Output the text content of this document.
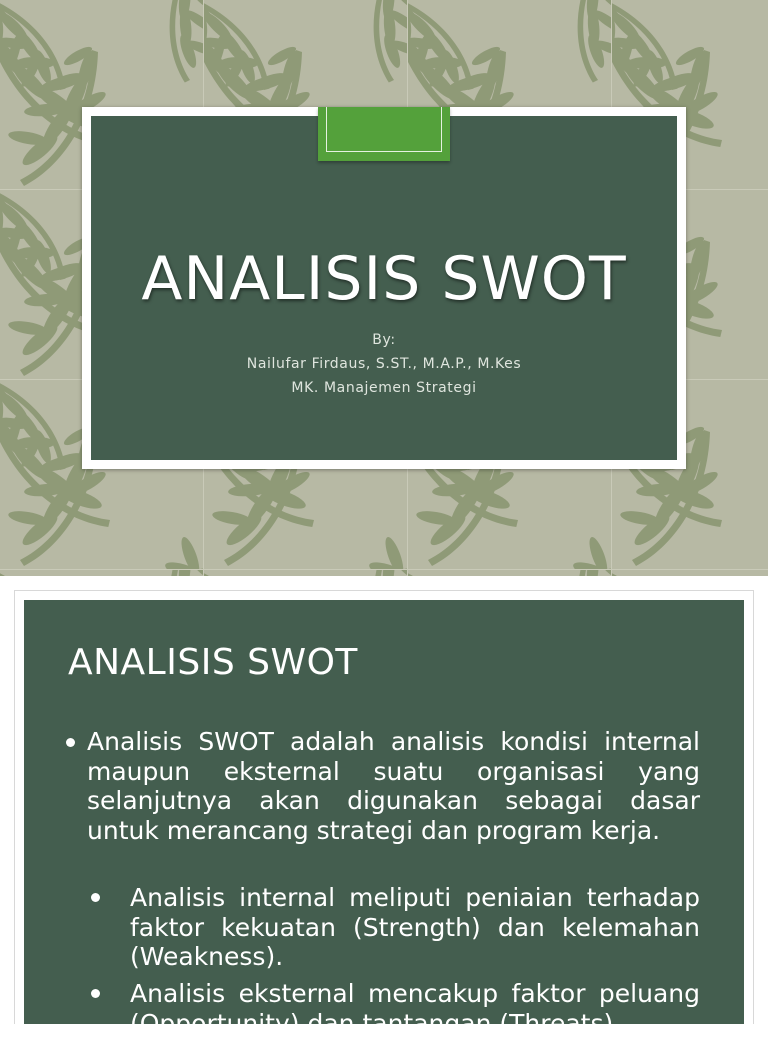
ANALISIS SWOT
By:
Nailufar Firdaus, S.ST., M.A.P., M.Kes
MK. Manajemen Strategi
ANALISIS SWOT
Analisis SWOT adalah analisis kondisi internal maupun eksternal suatu organisasi yang selanjutnya akan digunakan sebagai dasar untuk merancang strategi dan program kerja.
Analisis internal meliputi peniaian terhadap faktor kekuatan (Strength) dan kelemahan (Weakness).
Analisis eksternal mencakup faktor peluang (Opportunity) dan tantangan (Threats).
